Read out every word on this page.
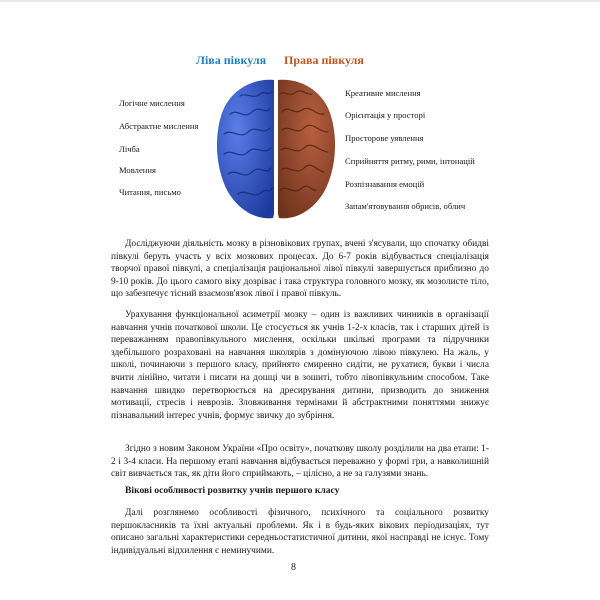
Ліва півкуля Права півкуля
Логічне мислення
Абстрактне мислення
Лічба
Мовлення
Читання, письмо
Креативне мислення
Орієнтація у просторі
Просторове уявлення
Сприйняття ритму, рими, інтонацій
Розпізнавання емоцій
Запам'ятовування обрисів, облич

Досліджуючи діяльність мозку в різновікових групах, вчені з'ясували, що спочатку обидві півкулі беруть участь у всіх мозкових процесах. До 6-7 років відбувається спеціалізація творчої правої півкулі, а спеціалізація раціональної лівої півкулі завершується приблизно до 9-10 років. До цього самого віку дозріває і така структура головного мозку, як мозолисте тіло, що забезпечує тісний взаємозв'язок лівої і правої півкуль.

Урахування функціональної асиметрії мозку – один із важливих чинників в організації навчання учнів початкової школи. Це стосується як учнів 1-2-х класів, так і старших дітей із переважанням правопівкульного мислення, оскільки шкільні програми та підручники здебільшого розраховані на навчання школярів з домінуючою лівою півкулею. На жаль, у школі, починаючи з першого класу, прийнято смиренно сидіти, не рухатися, букви і числа вчити лінійно, читати і писати на дошці чи в зошиті, тобто лівопівкульним способом. Таке навчання швидко перетворюється на дресирування дитини, призводить до зниження мотивації, стресів і неврозів. Зловживання термінами й абстрактними поняттями знижує пізнавальний інтерес учнів, формує звичку до зубріння.

Згідно з новим Законом України «Про освіту», початкову школу розділили на два етапи: 1-2 і 3-4 класи. На першому етапі навчання відбувається переважно у формі гри, а навколишній світ вивчається так, як діти його сприймають, – цілісно, а не за галузями знань.

Вікові особливості розвитку учнів першого класу

Далі розглянемо особливості фізичного, психічного та соціального розвитку першокласників та їхні актуальні проблеми. Як і в будь-яких вікових періодизаціях, тут описано загальні характеристики середньостатистичної дитини, якої насправді не існує. Тому індивідуальні відхилення є неминучими.

8
